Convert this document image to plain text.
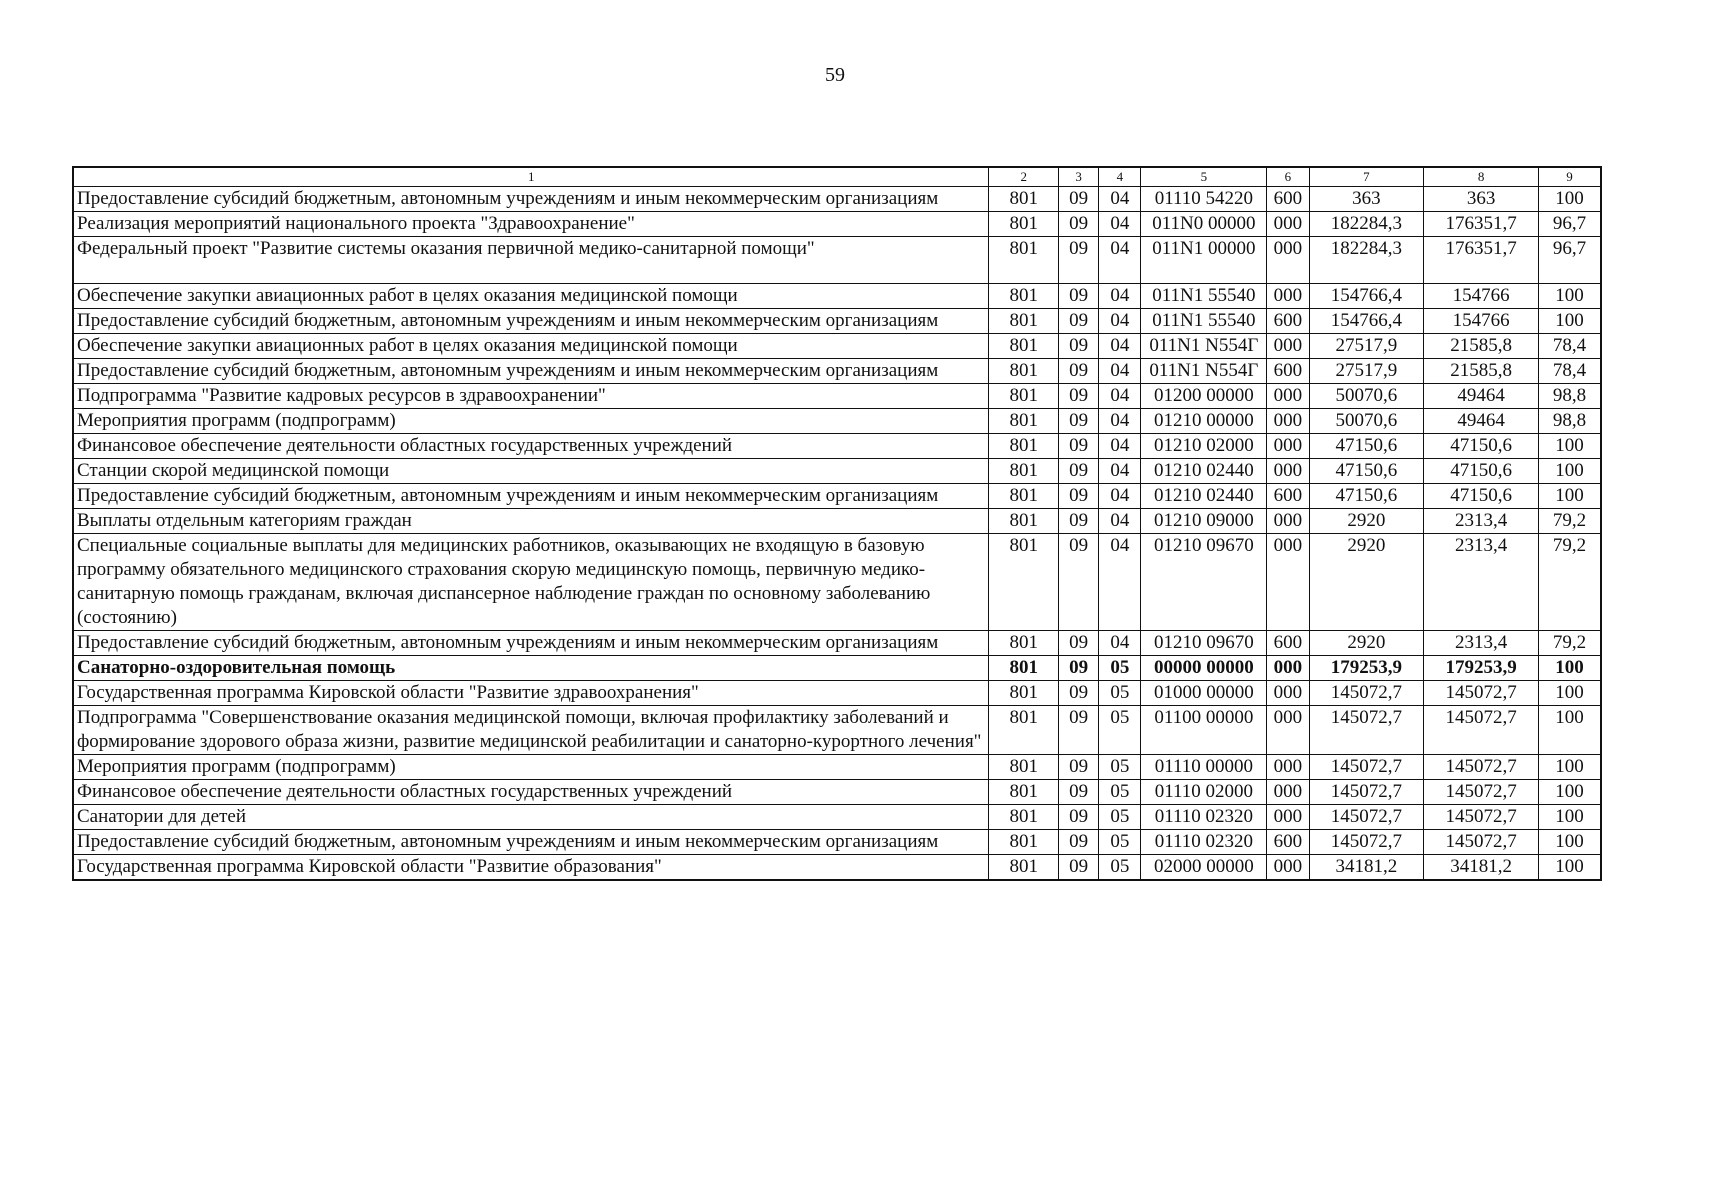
59
1	2	3	4	5	6	7	8	9
Предоставление субсидий бюджетным, автономным учреждениям и иным некоммерческим организациям	801	09	04	01110 54220	600	363	363	100
Реализация мероприятий национального проекта "Здравоохранение"	801	09	04	011N0 00000	000	182284,3	176351,7	96,7
Федеральный проект "Развитие системы оказания первичной медико-санитарной помощи"	801	09	04	011N1 00000	000	182284,3	176351,7	96,7
Обеспечение закупки авиационных работ в целях оказания медицинской помощи	801	09	04	011N1 55540	000	154766,4	154766	100
Предоставление субсидий бюджетным, автономным учреждениям и иным некоммерческим организациям	801	09	04	011N1 55540	600	154766,4	154766	100
Обеспечение закупки авиационных работ в целях оказания медицинской помощи	801	09	04	011N1 N554Г	000	27517,9	21585,8	78,4
Предоставление субсидий бюджетным, автономным учреждениям и иным некоммерческим организациям	801	09	04	011N1 N554Г	600	27517,9	21585,8	78,4
Подпрограмма "Развитие кадровых ресурсов в здравоохранении"	801	09	04	01200 00000	000	50070,6	49464	98,8
Мероприятия программ (подпрограмм)	801	09	04	01210 00000	000	50070,6	49464	98,8
Финансовое обеспечение деятельности областных государственных учреждений	801	09	04	01210 02000	000	47150,6	47150,6	100
Станции скорой медицинской помощи	801	09	04	01210 02440	000	47150,6	47150,6	100
Предоставление субсидий бюджетным, автономным учреждениям и иным некоммерческим организациям	801	09	04	01210 02440	600	47150,6	47150,6	100
Выплаты отдельным категориям граждан	801	09	04	01210 09000	000	2920	2313,4	79,2
Специальные социальные выплаты для медицинских работников, оказывающих не входящую в базовую программу обязательного медицинского страхования скорую медицинскую помощь, первичную медико-санитарную помощь гражданам, включая диспансерное наблюдение граждан по основному заболеванию (состоянию)	801	09	04	01210 09670	000	2920	2313,4	79,2
Предоставление субсидий бюджетным, автономным учреждениям и иным некоммерческим организациям	801	09	04	01210 09670	600	2920	2313,4	79,2
Санаторно-оздоровительная помощь	801	09	05	00000 00000	000	179253,9	179253,9	100
Государственная программа Кировской области "Развитие здравоохранения"	801	09	05	01000 00000	000	145072,7	145072,7	100
Подпрограмма "Совершенствование оказания медицинской помощи, включая профилактику заболеваний и формирование здорового образа жизни, развитие медицинской реабилитации и санаторно-курортного лечения"	801	09	05	01100 00000	000	145072,7	145072,7	100
Мероприятия программ (подпрограмм)	801	09	05	01110 00000	000	145072,7	145072,7	100
Финансовое обеспечение деятельности областных государственных учреждений	801	09	05	01110 02000	000	145072,7	145072,7	100
Санатории для детей	801	09	05	01110 02320	000	145072,7	145072,7	100
Предоставление субсидий бюджетным, автономным учреждениям и иным некоммерческим организациям	801	09	05	01110 02320	600	145072,7	145072,7	100
Государственная программа Кировской области "Развитие образования"	801	09	05	02000 00000	000	34181,2	34181,2	100
